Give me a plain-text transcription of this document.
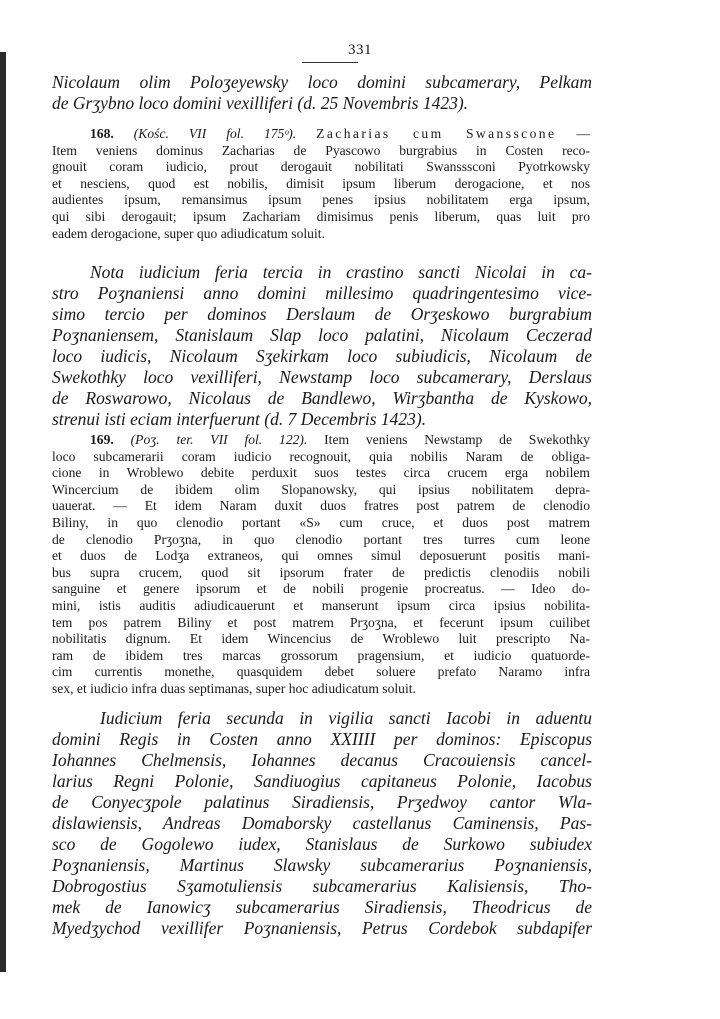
331
Nicolaum olim Poloʒeyewsky loco domini subcamerary, Pelkam
de Grʒybno loco domini vexilliferi (d. 25 Novembris 1423).
168. (Kośc. VII fol. 175ᵒ). Zacharias cum Swansscone —
Item veniens dominus Zacharias de Pyascowo burgrabius in Costen reco-
gnouit coram iudicio, prout derogauit nobilitati Swansssconi Pyotrkowsky
et nesciens, quod est nobilis, dimisit ipsum liberum derogacione, et nos
audientes ipsum, remansimus ipsum penes ipsius nobilitatem erga ipsum,
qui sibi derogauit; ipsum Zachariam dimisimus penis liberum, quas luit pro
eadem derogacione, super quo adiudicatum soluit.
Nota iudicium feria tercia in crastino sancti Nicolai in ca-
stro Poʒnaniensi anno domini millesimo quadringentesimo vice-
simo tercio per dominos Derslaum de Orʒeskowo burgrabium
Poʒnaniensem, Stanislaum Slap loco palatini, Nicolaum Ceczerad
loco iudicis, Nicolaum Sʒekirkam loco subiudicis, Nicolaum de
Swekothky loco vexilliferi, Newstamp loco subcamerary, Derslaus
de Roswarowo, Nicolaus de Bandlewo, Wirʒbantha de Kyskowo,
strenui isti eciam interfuerunt (d. 7 Decembris 1423).
169. (Poʒ. ter. VII fol. 122). Item veniens Newstamp de Swekothky
loco subcamerarii coram iudicio recognouit, quia nobilis Naram de obliga-
cione in Wroblewo debite perduxit suos testes circa crucem erga nobilem
Wincercium de ibidem olim Slopanowsky, qui ipsius nobilitatem depra-
uauerat. — Et idem Naram duxit duos fratres post patrem de clenodio
Biliny, in quo clenodio portant «S» cum cruce, et duos post matrem
de clenodio Prʒoʒna, in quo clenodio portant tres turres cum leone
et duos de Lodʒa extraneos, qui omnes simul deposuerunt positis mani-
bus supra crucem, quod sit ipsorum frater de predictis clenodiis nobili
sanguine et genere ipsorum et de nobili progenie procreatus. — Ideo do-
mini, istis auditis adiudicauerunt et manserunt ipsum circa ipsius nobilita-
tem pos patrem Biliny et post matrem Prʒoʒna, et fecerunt ipsum cuilibet
nobilitatis dignum. Et idem Wincencius de Wroblewo luit prescripto Na-
ram de ibidem tres marcas grossorum pragensium, et iudicio quatuorde-
cim currentis monethe, quasquidem debet soluere prefato Naramo infra
sex, et iudicio infra duas septimanas, super hoc adiudicatum soluit.
Iudicium feria secunda in vigilia sancti Iacobi in aduentu
domini Regis in Costen anno XXIIII per dominos: Episcopus
Iohannes Chelmensis, Iohannes decanus Cracouiensis cancel-
larius Regni Polonie, Sandiuogius capitaneus Polonie, Iacobus
de Conyecʒpole palatinus Siradiensis, Prʒedwoy cantor Wla-
dislawiensis, Andreas Domaborsky castellanus Caminensis, Pas-
sco de Gogolewo iudex, Stanislaus de Surkowo subiudex
Poʒnaniensis, Martinus Slawsky subcamerarius Poʒnaniensis,
Dobrogostius Sʒamotuliensis subcamerarius Kalisiensis, Tho-
mek de Ianowicʒ subcamerarius Siradiensis, Theodricus de
Myedʒychod vexillifer Poʒnaniensis, Petrus Cordebok subdapifer
